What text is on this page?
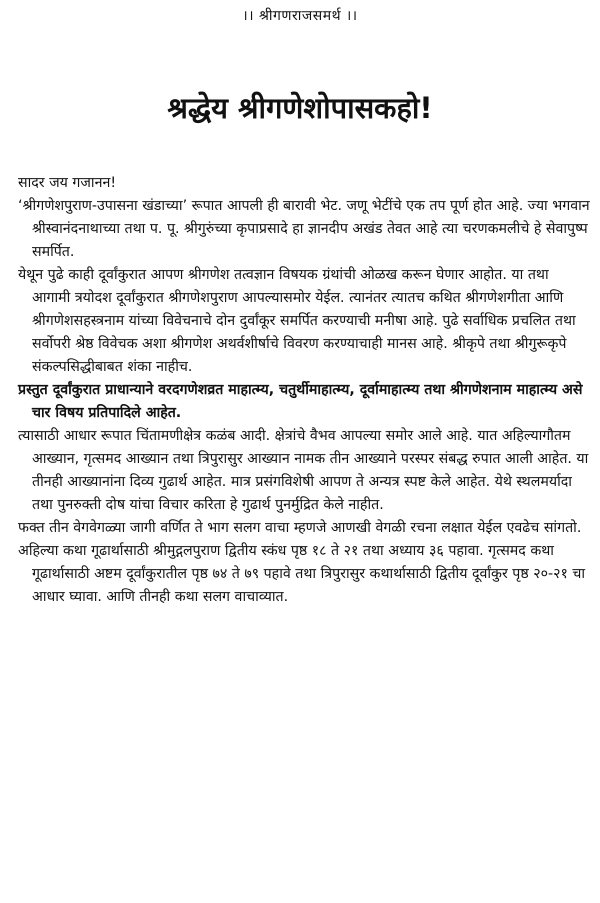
।। श्रीगणराजसमर्थ ।।
श्रद्धेय श्रीगणेशोपासकहो!

सादर जय गजानन!

‘श्रीगणेशपुराण-उपासना खंडाच्या’ रूपात आपली ही बारावी भेट. जणू भेटींचे एक तप पूर्ण होत आहे. ज्या भगवान श्रीस्वानंदनाथाच्या तथा प. पू. श्रीगुरुंच्या कृपाप्रसादे हा ज्ञानदीप अखंड तेवत आहे त्या चरणकमलीचे हे सेवापुष्प समर्पित.

येथून पुढे काही दूर्वांकुरात आपण श्रीगणेश तत्वज्ञान विषयक ग्रंथांची ओळख करून घेणार आहोत. या तथा आगामी त्रयोदश दूर्वांकुरात श्रीगणेशपुराण आपल्यासमोर येईल. त्यानंतर त्यातच कथित श्रीगणेशगीता आणि श्रीगणेशसहस्त्रनाम यांच्या विवेचनाचे दोन दुर्वांकूर समर्पित करण्याची मनीषा आहे. पुढे सर्वाधिक प्रचलित तथा सर्वोपरी श्रेष्ठ विवेचक अशा श्रीगणेश अथर्वशीर्षाचे विवरण करण्याचाही मानस आहे. श्रीकृपे तथा श्रीगुरूकृपे संकल्पसिद्धीबाबत शंका नाहीच.

प्रस्तुत दूर्वांकुरात प्राधान्याने वरदगणेशव्रत माहात्म्य, चतुर्थीमाहात्म्य, दूर्वामाहात्म्य तथा श्रीगणेशनाम माहात्म्य असे चार विषय प्रतिपादिले आहेत.

त्यासाठी आधार रूपात चिंतामणीक्षेत्र कळंब आदी. क्षेत्रांचे वैभव आपल्या समोर आले आहे. यात अहिल्यागौतम आख्यान, गृत्समद आख्यान तथा त्रिपुरासुर आख्यान नामक तीन आख्याने परस्पर संबद्ध रुपात आली आहेत. या तीनही आख्यानांना दिव्य गुढार्थ आहेत. मात्र प्रसंगविशेषी आपण ते अन्यत्र स्पष्ट केले आहेत. येथे स्थलमर्यादा तथा पुनरुक्ती दोष यांचा विचार करिता हे गुढार्थ पुनर्मुद्रित केले नाहीत.

फक्त तीन वेगवेगळ्या जागी वर्णित ते भाग सलग वाचा म्हणजे आणखी वेगळी रचना लक्षात येईल एवढेच सांगतो.

अहिल्या कथा गूढार्थासाठी श्रीमुद्गलपुराण द्वितीय स्कंध पृष्ठ १८ ते २१ तथा अध्याय ३६ पहावा. गृत्समद कथा गूढार्थासाठी अष्टम दूर्वांकुरातील पृष्ठ ७४ ते ७९ पहावे तथा त्रिपुरासुर कथार्थासाठी द्वितीय दूर्वांकुर पृष्ठ २०-२१ चा आधार घ्यावा. आणि तीनही कथा सलग वाचाव्यात.
